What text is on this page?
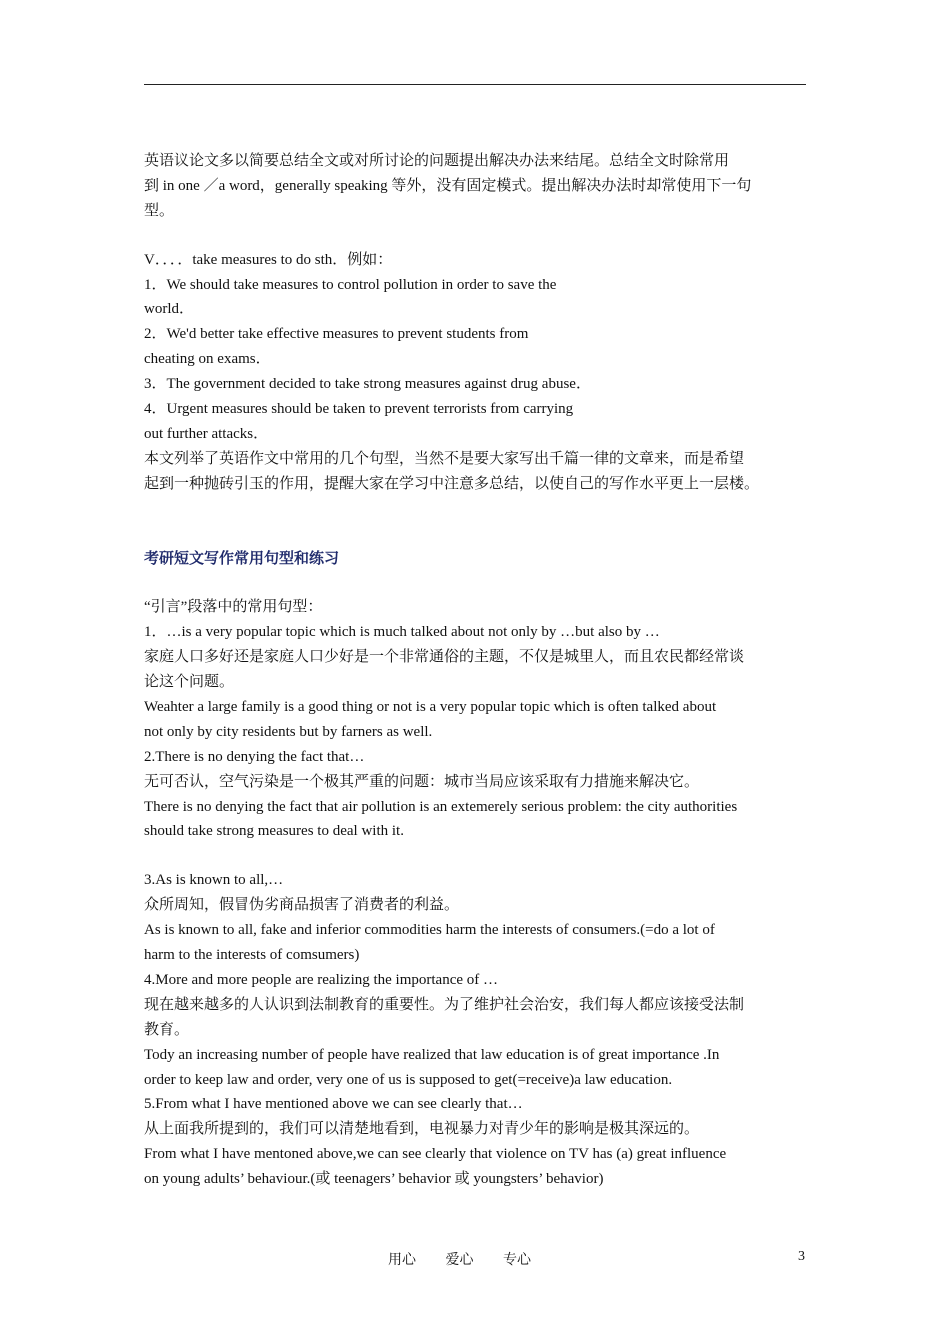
英语议论文多以简要总结全文或对所讨论的问题提出解决办法来结尾。总结全文时除常用
到 in one ／a word，generally speaking 等外，没有固定模式。提出解决办法时却常使用下一句
型。
V．．．．take measures to do sth．例如：
1．We should take measures to control pollution in order to save the
world．
2．We'd better take effective measures to prevent students from
cheating on exams．
3．The government decided to take strong measures against drug abuse．
4．Urgent measures should be taken to prevent terrorists from carrying
out further attacks．
本文列举了英语作文中常用的几个句型，当然不是要大家写出千篇一律的文章来，而是希望
起到一种抛砖引玉的作用，提醒大家在学习中注意多总结，以使自己的写作水平更上一层楼。
考研短文写作常用句型和练习
“引言”段落中的常用句型：
1．…is a very popular topic which is much talked about not only by …but also by …
家庭人口多好还是家庭人口少好是一个非常通俗的主题，不仅是城里人，而且农民都经常谈
论这个问题。
Weahter a large family is a good thing or not is a very popular topic which is often talked about
not only by city residents but by farners as well.
2.There is no denying the fact that…
无可否认，空气污染是一个极其严重的问题：城市当局应该采取有力措施来解决它。
There is no denying the fact that air pollution is an extemerely serious problem: the city authorities
should take strong measures to deal with it.
3.As is known to all,…
众所周知，假冒伪劣商品损害了消费者的利益。
As is known to all, fake and inferior commodities harm the interests of consumers.(=do a lot of
harm to the interests of comsumers)
4.More and more people are realizing the importance of …
现在越来越多的人认识到法制教育的重要性。为了维护社会治安，我们每人都应该接受法制
教育。
Tody an increasing number of people have realized that law education is of great importance .In
order to keep law and order, very one of us is supposed to get(=receive)a law education.
5.From what I have mentioned above we can see clearly that…
从上面我所提到的，我们可以清楚地看到，电视暴力对青少年的影响是极其深远的。
From what I have mentoned above,we can see clearly that violence on TV has (a) great influence
on young adults’ behaviour.(或 teenagers’ behavior 或 youngsters’ behavior)
用心 爱心 专心	3
